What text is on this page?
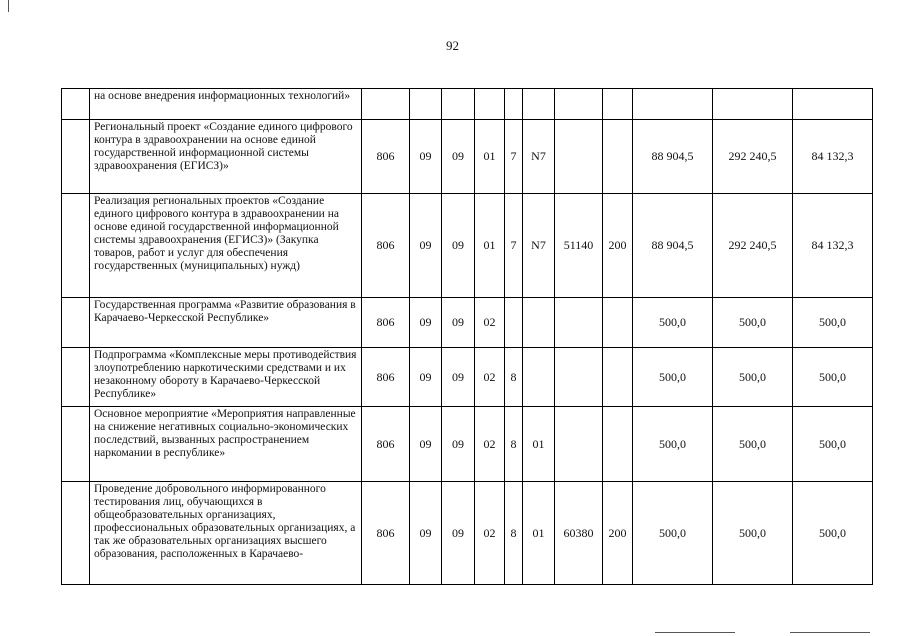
92
	на основе внедрения информационных технологий»											
	Региональный проект «Создание единого цифрового контура в здравоохранении на основе единой государственной информационной системы здравоохранения (ЕГИСЗ)»	806	09	09	01	7	N7			88 904,5	292 240,5	84 132,3
	Реализация региональных проектов «Создание единого цифрового контура в здравоохранении на основе единой государственной информационной системы здравоохранения (ЕГИСЗ)» (Закупка товаров, работ и услуг для обеспечения государственных (муниципальных) нужд)	806	09	09	01	7	N7	51140	200	88 904,5	292 240,5	84 132,3
	Государственная программа «Развитие образования в Карачаево-Черкесской Республике»	806	09	09	02					500,0	500,0	500,0
	Подпрограмма «Комплексные меры противодействия злоупотреблению наркотическими средствами и их незаконному обороту в Карачаево-Черкесской Республике»	806	09	09	02	8				500,0	500,0	500,0
	Основное мероприятие «Мероприятия направленные на снижение негативных социально-экономических последствий, вызванных распространением наркомании в республике»	806	09	09	02	8	01			500,0	500,0	500,0
	Проведение добровольного информированного тестирования лиц, обучающихся в общеобразовательных организациях, профессиональных образовательных организациях, а так же образовательных организациях высшего образования, расположенных в Карачаево-	806	09	09	02	8	01	60380	200	500,0	500,0	500,0
